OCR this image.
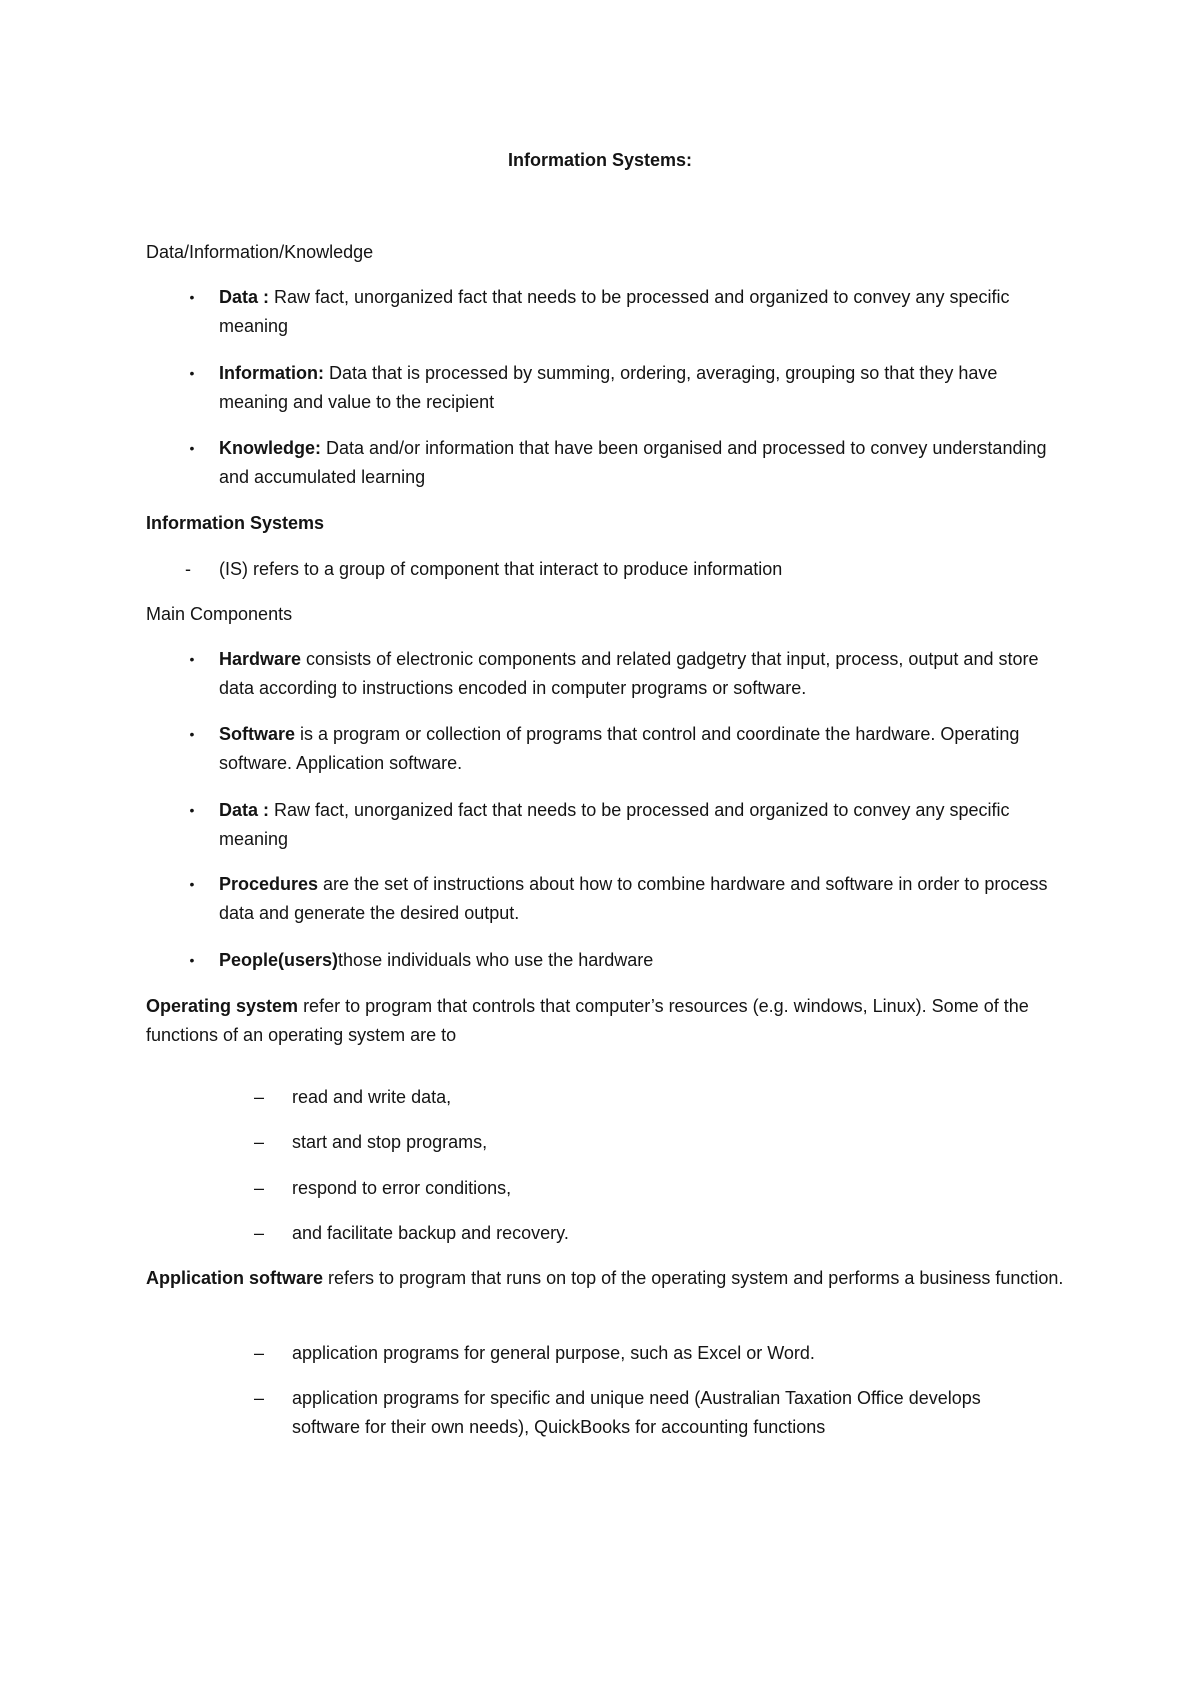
Information Systems:
Data/Information/Knowledge
• Data : Raw fact, unorganized fact that needs to be processed and organized to convey any specific meaning
• Information: Data that is processed by summing, ordering, averaging, grouping so that they have meaning and value to the recipient
• Knowledge: Data and/or information that have been organised and processed to convey understanding and accumulated learning
Information Systems
-	(IS) refers to a group of component that interact to produce information
Main Components
• Hardware consists of electronic components and related gadgetry that input, process, output and store data according to instructions encoded in computer programs or software.
• Software is a program or collection of programs that control and coordinate the hardware. Operating software. Application software.
• Data : Raw fact, unorganized fact that needs to be processed and organized to convey any specific meaning
• Procedures are the set of instructions about how to combine hardware and software in order to process data and generate the desired output.
• People(users)those individuals who use the hardware
Operating system refer to program that controls that computer’s resources (e.g. windows, Linux). Some of the functions of an operating system are to
–	read and write data,
–	start and stop programs,
–	respond to error conditions,
–	and facilitate backup and recovery.
Application software refers to program that runs on top of the operating system and performs a business function.
–	application programs for general purpose, such as Excel or Word.
–	application programs for specific and unique need (Australian Taxation Office develops software for their own needs), QuickBooks for accounting functions
